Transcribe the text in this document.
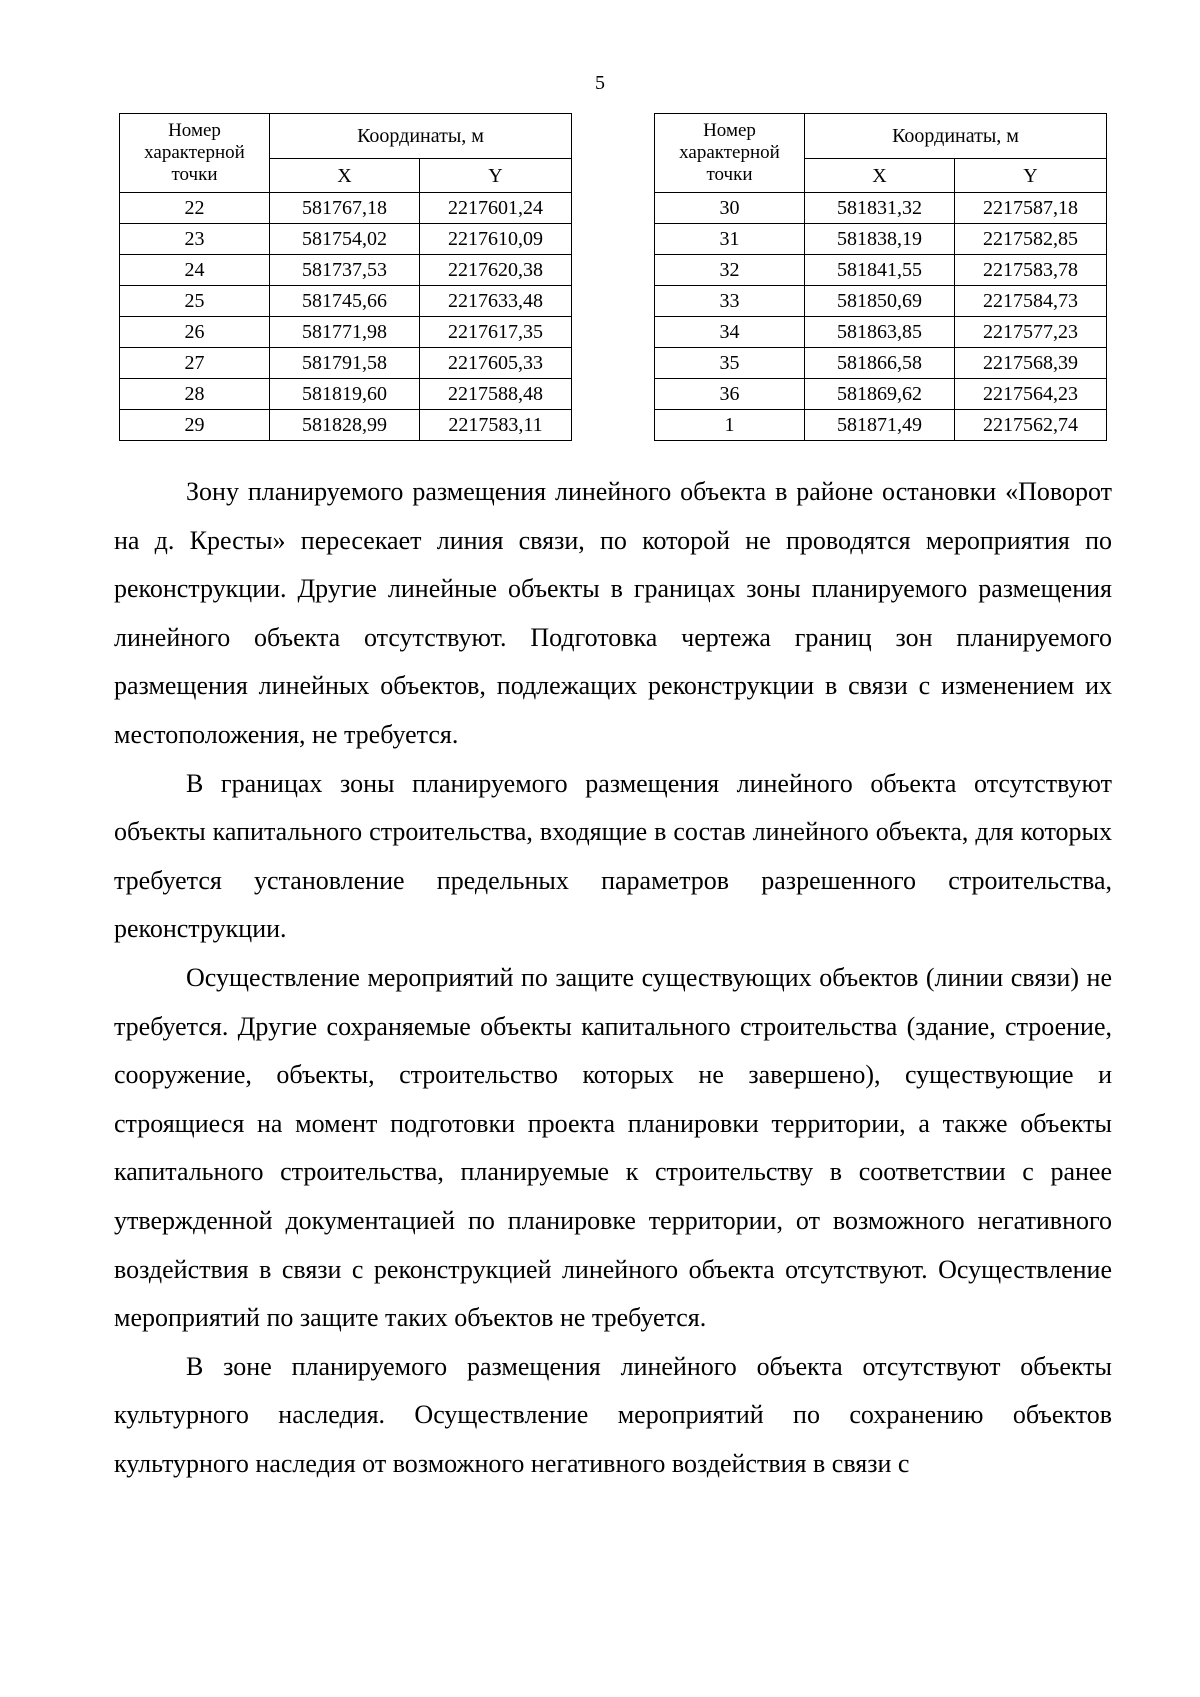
5
Номер характерной точки	Координаты, м	
	X	Y
22	581767,18	2217601,24
23	581754,02	2217610,09
24	581737,53	2217620,38
25	581745,66	2217633,48
26	581771,98	2217617,35
27	581791,58	2217605,33
28	581819,60	2217588,48
29	581828,99	2217583,11
Номер характерной точки	Координаты, м	
	X	Y
30	581831,32	2217587,18
31	581838,19	2217582,85
32	581841,55	2217583,78
33	581850,69	2217584,73
34	581863,85	2217577,23
35	581866,58	2217568,39
36	581869,62	2217564,23
1	581871,49	2217562,74

Зону планируемого размещения линейного объекта в районе остановки «Поворот на д. Кресты» пересекает линия связи, по которой не проводятся мероприятия по реконструкции. Другие линейные объекты в границах зоны планируемого размещения линейного объекта отсутствуют. Подготовка чертежа границ зон планируемого размещения линейных объектов, подлежащих реконструкции в связи с изменением их местоположения, не требуется.

В границах зоны планируемого размещения линейного объекта отсутствуют объекты капитального строительства, входящие в состав линейного объекта, для которых требуется установление предельных параметров разрешенного строительства, реконструкции.

Осуществление мероприятий по защите существующих объектов (линии связи) не требуется. Другие сохраняемые объекты капитального строительства (здание, строение, сооружение, объекты, строительство которых не завершено), существующие и строящиеся на момент подготовки проекта планировки территории, а также объекты капитального строительства, планируемые к строительству в соответствии с ранее утвержденной документацией по планировке территории, от возможного негативного воздействия в связи с реконструкцией линейного объекта отсутствуют. Осуществление мероприятий по защите таких объектов не требуется.

В зоне планируемого размещения линейного объекта отсутствуют объекты культурного наследия. Осуществление мероприятий по сохранению объектов культурного наследия от возможного негативного воздействия в связи с
